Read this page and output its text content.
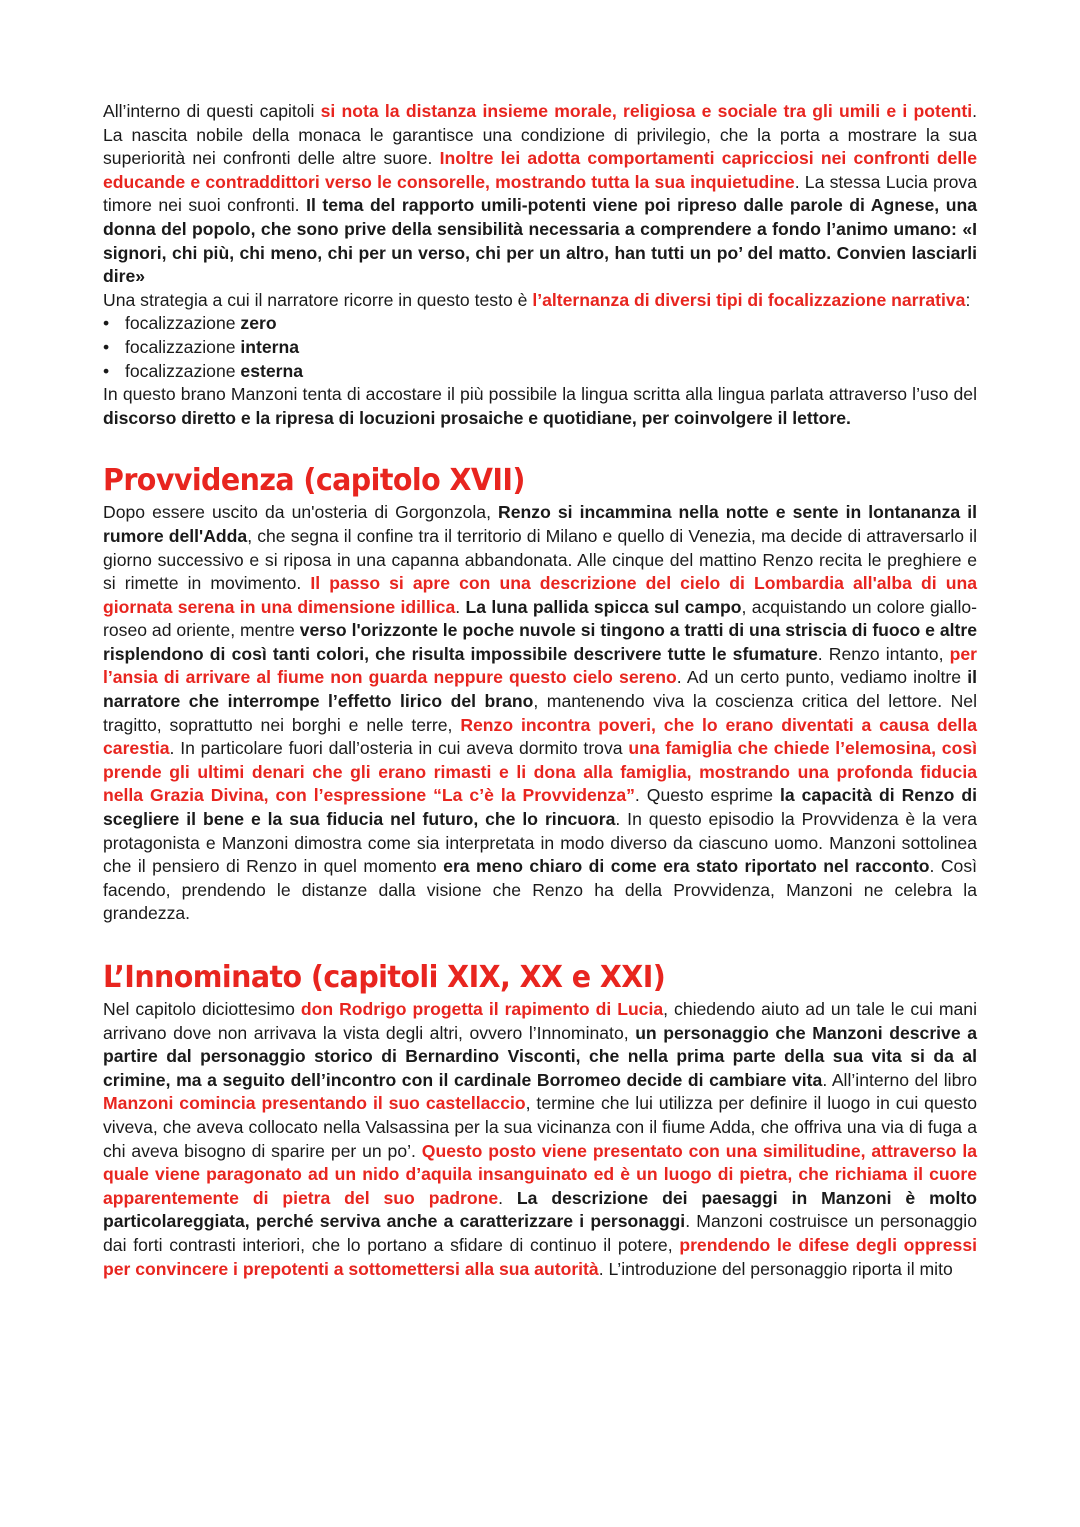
All’interno di questi capitoli si nota la distanza insieme morale, religiosa e sociale tra gli umili e i potenti. La nascita nobile della monaca le garantisce una condizione di privilegio, che la porta a mostrare la sua superiorità nei confronti delle altre suore. Inoltre lei adotta comportamenti capricciosi nei confronti delle educande e contraddittori verso le consorelle, mostrando tutta la sua inquietudine. La stessa Lucia prova timore nei suoi confronti. Il tema del rapporto umili-potenti viene poi ripreso dalle parole di Agnese, una donna del popolo, che sono prive della sensibilità necessaria a comprendere a fondo l’animo umano: «I signori, chi più, chi meno, chi per un verso, chi per un altro, han tutti un po’ del matto. Convien lasciarli dire»

Una strategia a cui il narratore ricorre in questo testo è l’alternanza di diversi tipi di focalizzazione narrativa:

• focalizzazione zero
• focalizzazione interna
• focalizzazione esterna

In questo brano Manzoni tenta di accostare il più possibile la lingua scritta alla lingua parlata attraverso l’uso del discorso diretto e la ripresa di locuzioni prosaiche e quotidiane, per coinvolgere il lettore.

Provvidenza (capitolo XVII)

Dopo essere uscito da un'osteria di Gorgonzola, Renzo si incammina nella notte e sente in lontananza il rumore dell'Adda, che segna il confine tra il territorio di Milano e quello di Venezia, ma decide di attraversarlo il giorno successivo e si riposa in una capanna abbandonata. Alle cinque del mattino Renzo recita le preghiere e si rimette in movimento. Il passo si apre con una descrizione del cielo di Lombardia all'alba di una giornata serena in una dimensione idillica. La luna pallida spicca sul campo, acquistando un colore giallo-roseo ad oriente, mentre verso l'orizzonte le poche nuvole si tingono a tratti di una striscia di fuoco e altre risplendono di così tanti colori, che risulta impossibile descrivere tutte le sfumature. Renzo intanto, per l’ansia di arrivare al fiume non guarda neppure questo cielo sereno. Ad un certo punto, vediamo inoltre il narratore che interrompe l’effetto lirico del brano, mantenendo viva la coscienza critica del lettore. Nel tragitto, soprattutto nei borghi e nelle terre, Renzo incontra poveri, che lo erano diventati a causa della carestia. In particolare fuori dall’osteria in cui aveva dormito trova una famiglia che chiede l’elemosina, così prende gli ultimi denari che gli erano rimasti e li dona alla famiglia, mostrando una profonda fiducia nella Grazia Divina, con l’espressione “La c’è la Provvidenza”. Questo esprime la capacità di Renzo di scegliere il bene e la sua fiducia nel futuro, che lo rincuora. In questo episodio la Provvidenza è la vera protagonista e Manzoni dimostra come sia interpretata in modo diverso da ciascuno uomo. Manzoni sottolinea che il pensiero di Renzo in quel momento era meno chiaro di come era stato riportato nel racconto. Così facendo, prendendo le distanze dalla visione che Renzo ha della Provvidenza, Manzoni ne celebra la grandezza.

L’Innominato (capitoli XIX, XX e XXI)

Nel capitolo diciottesimo don Rodrigo progetta il rapimento di Lucia, chiedendo aiuto ad un tale le cui mani arrivano dove non arrivava la vista degli altri, ovvero l’Innominato, un personaggio che Manzoni descrive a partire dal personaggio storico di Bernardino Visconti, che nella prima parte della sua vita si da al crimine, ma a seguito dell’incontro con il cardinale Borromeo decide di cambiare vita. All’interno del libro Manzoni comincia presentando il suo castellaccio, termine che lui utilizza per definire il luogo in cui questo viveva, che aveva collocato nella Valsassina per la sua vicinanza con il fiume Adda, che offriva una via di fuga a chi aveva bisogno di sparire per un po’. Questo posto viene presentato con una similitudine, attraverso la quale viene paragonato ad un nido d’aquila insanguinato ed è un luogo di pietra, che richiama il cuore apparentemente di pietra del suo padrone. La descrizione dei paesaggi in Manzoni è molto particolareggiata, perché serviva anche a caratterizzare i personaggi. Manzoni costruisce un personaggio dai forti contrasti interiori, che lo portano a sfidare di continuo il potere, prendendo le difese degli oppressi per convincere i prepotenti a sottomettersi alla sua autorità. L’introduzione del personaggio riporta il mito
